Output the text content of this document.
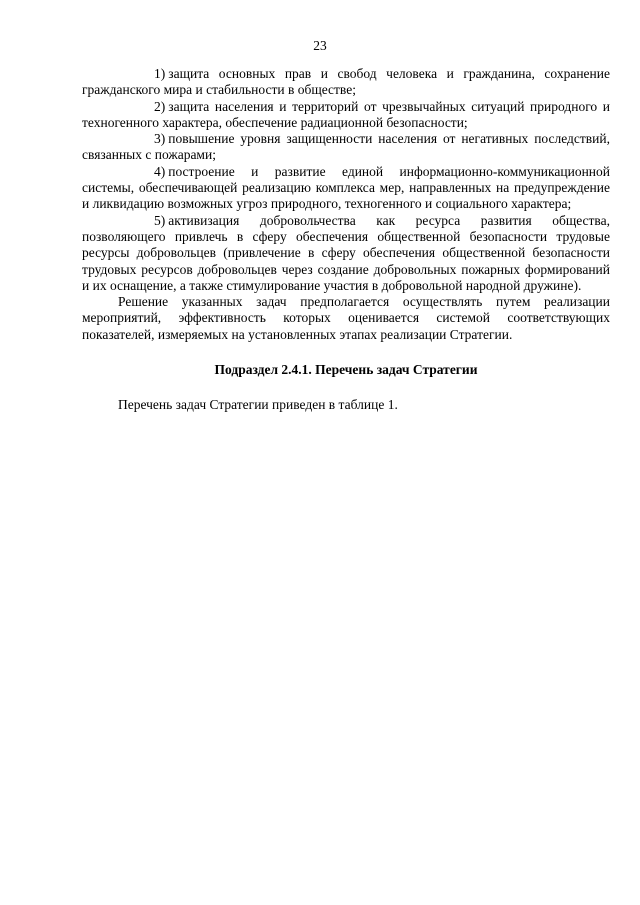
23

1) защита основных прав и свобод человека и гражданина, сохранение гражданского мира и стабильности в обществе;

2) защита населения и территорий от чрезвычайных ситуаций природного и техногенного характера, обеспечение радиационной безопасности;

3) повышение уровня защищенности населения от негативных последствий, связанных с пожарами;

4) построение и развитие единой информационно-коммуникационной системы, обеспечивающей реализацию комплекса мер, направленных на предупреждение и ликвидацию возможных угроз природного, техногенного и социального характера;

5) активизация добровольчества как ресурса развития общества, позволяющего привлечь в сферу обеспечения общественной безопасности трудовые ресурсы добровольцев (привлечение в сферу обеспечения общественной безопасности трудовых ресурсов добровольцев через создание добровольных пожарных формирований и их оснащение, а также стимулирование участия в добровольной народной дружине).

Решение указанных задач предполагается осуществлять путем реализации мероприятий, эффективность которых оценивается системой соответствующих показателей, измеряемых на установленных этапах реализации Стратегии.

Подраздел 2.4.1. Перечень задач Стратегии

Перечень задач Стратегии приведен в таблице 1.
